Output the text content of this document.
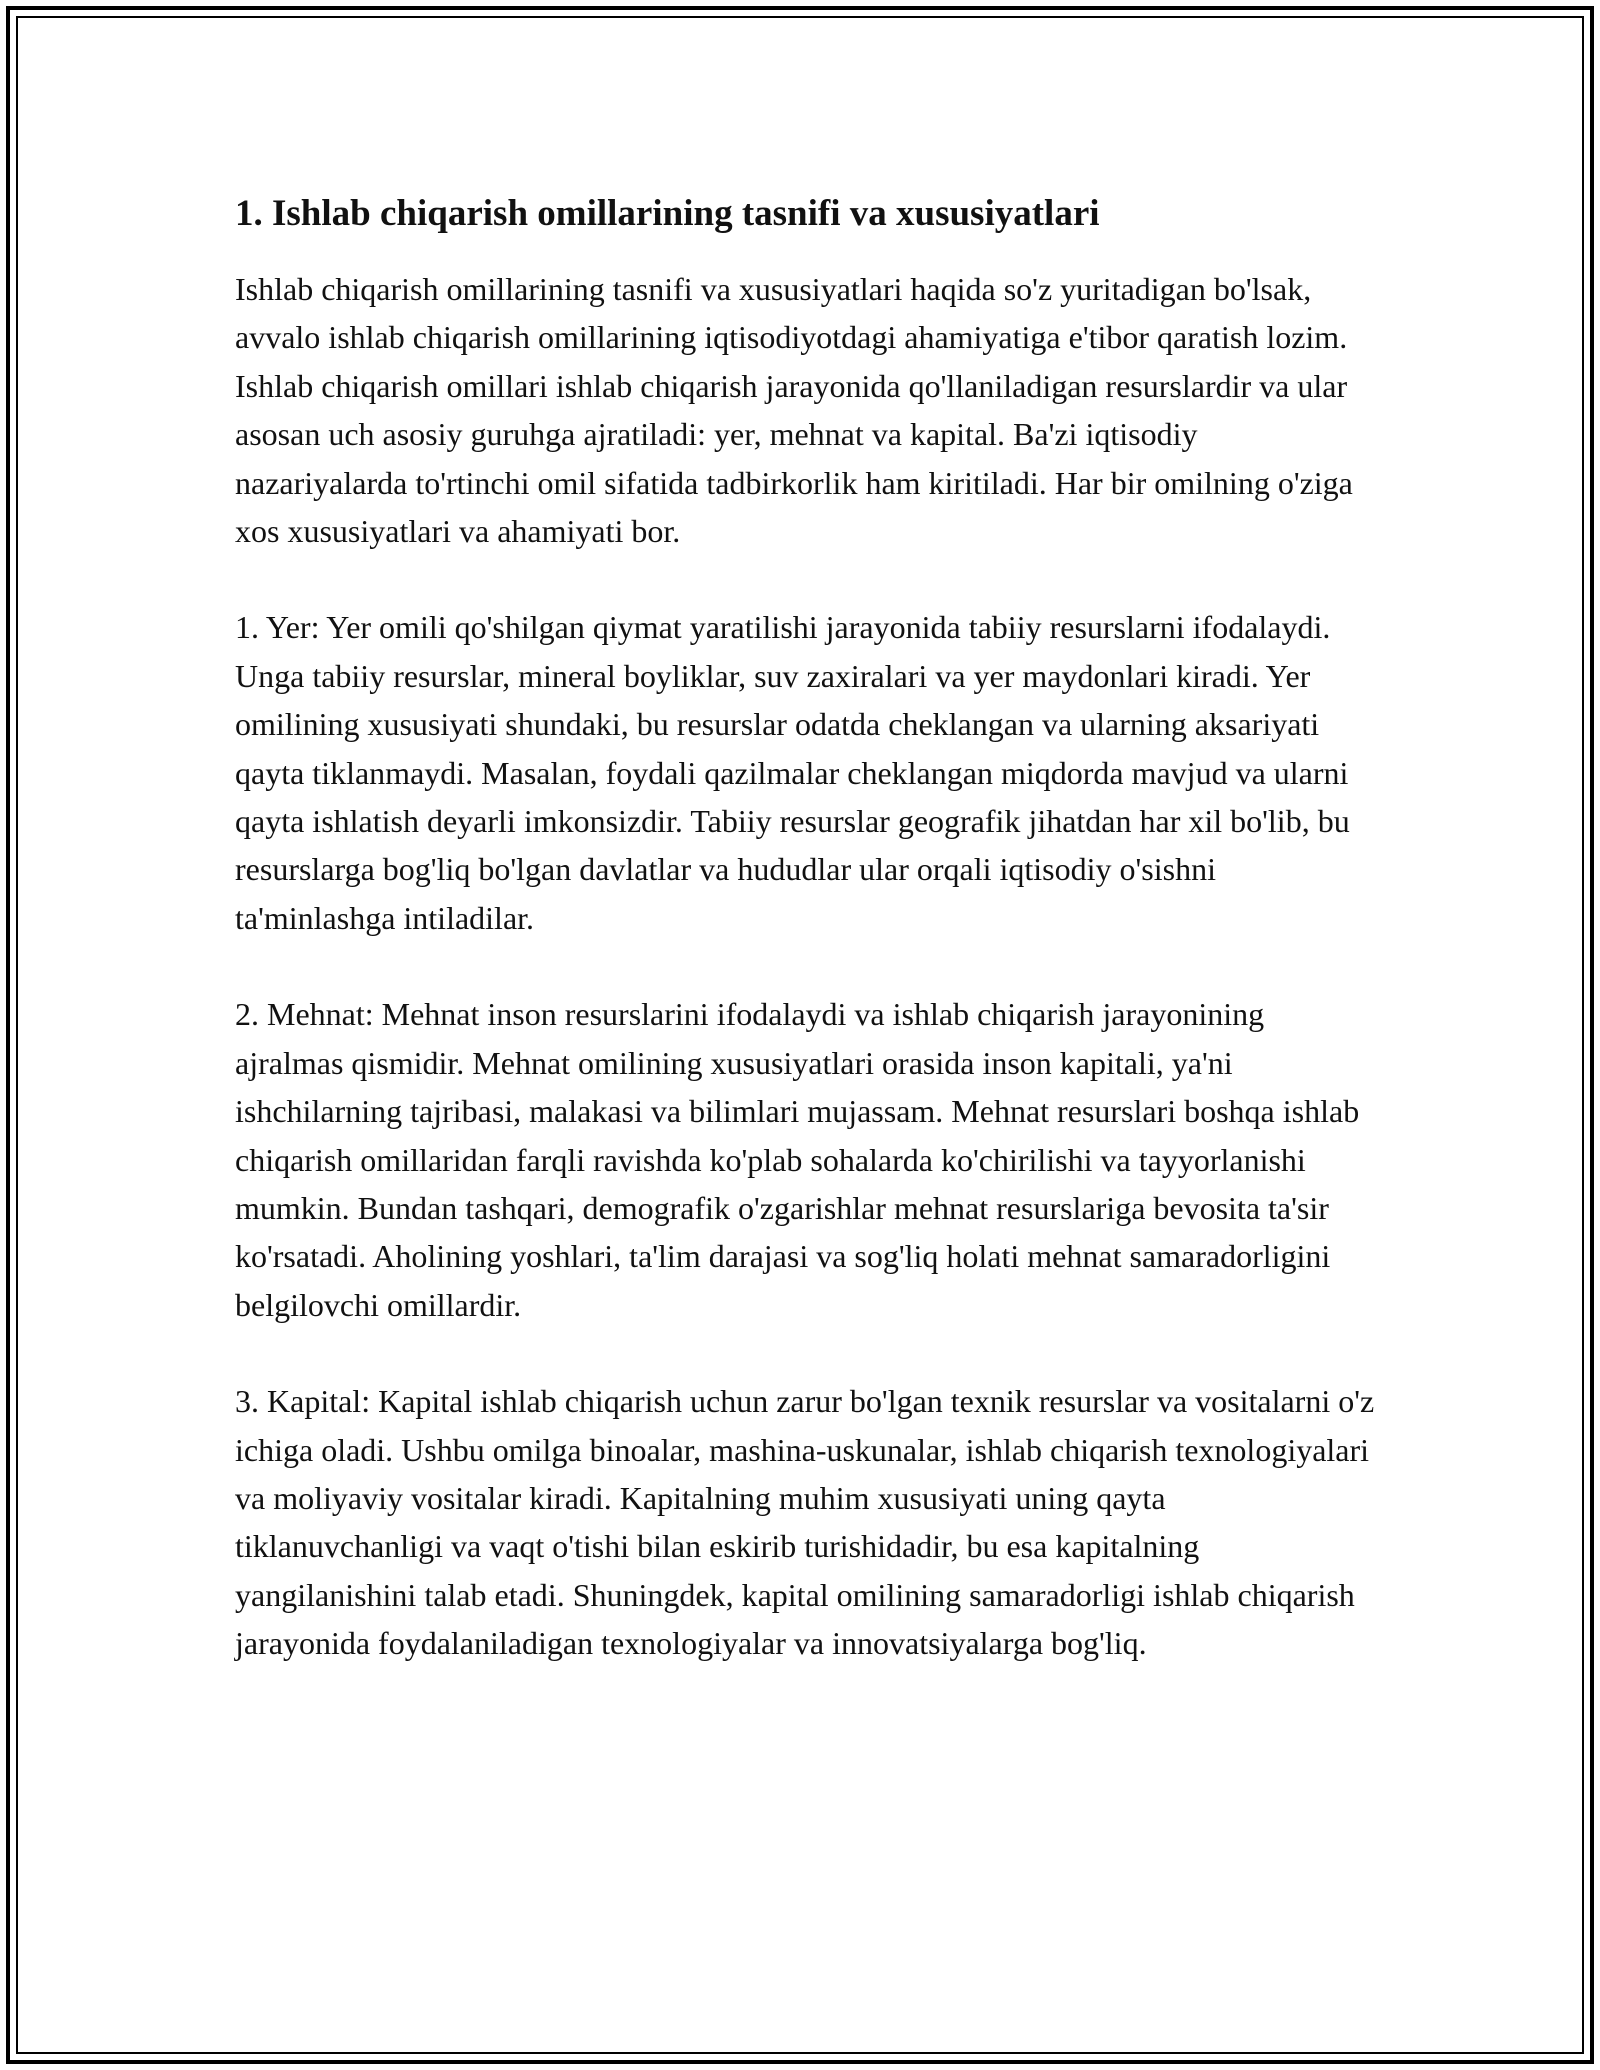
1. Ishlab chiqarish omillarining tasnifi va xususiyatlari

Ishlab chiqarish omillarining tasnifi va xususiyatlari haqida so'z yuritadigan bo'lsak, avvalo ishlab chiqarish omillarining iqtisodiyotdagi ahamiyatiga e'tibor qaratish lozim. Ishlab chiqarish omillari ishlab chiqarish jarayonida qo'llaniladigan resurslardir va ular asosan uch asosiy guruhga ajratiladi: yer, mehnat va kapital. Ba'zi iqtisodiy nazariyalarda to'rtinchi omil sifatida tadbirkorlik ham kiritiladi. Har bir omilning o'ziga xos xususiyatlari va ahamiyati bor.

1. Yer: Yer omili qo'shilgan qiymat yaratilishi jarayonida tabiiy resurslarni ifodalaydi. Unga tabiiy resurslar, mineral boyliklar, suv zaxiralari va yer maydonlari kiradi. Yer omilining xususiyati shundaki, bu resurslar odatda cheklangan va ularning aksariyati qayta tiklanmaydi. Masalan, foydali qazilmalar cheklangan miqdorda mavjud va ularni qayta ishlatish deyarli imkonsizdir. Tabiiy resurslar geografik jihatdan har xil bo'lib, bu resurslarga bog'liq bo'lgan davlatlar va hududlar ular orqali iqtisodiy o'sishni ta'minlashga intiladilar.

2. Mehnat: Mehnat inson resurslarini ifodalaydi va ishlab chiqarish jarayonining ajralmas qismidir. Mehnat omilining xususiyatlari orasida inson kapitali, ya'ni ishchilarning tajribasi, malakasi va bilimlari mujassam. Mehnat resurslari boshqa ishlab chiqarish omillaridan farqli ravishda ko'plab sohalarda ko'chirilishi va tayyorlanishi mumkin. Bundan tashqari, demografik o'zgarishlar mehnat resurslariga bevosita ta'sir ko'rsatadi. Aholining yoshlari, ta'lim darajasi va sog'liq holati mehnat samaradorligini belgilovchi omillardir.

3. Kapital: Kapital ishlab chiqarish uchun zarur bo'lgan texnik resurslar va vositalarni o'z ichiga oladi. Ushbu omilga binoalar, mashina-uskunalar, ishlab chiqarish texnologiyalari va moliyaviy vositalar kiradi. Kapitalning muhim xususiyati uning qayta tiklanuvchanligi va vaqt o'tishi bilan eskirib turishidadir, bu esa kapitalning yangilanishini talab etadi. Shuningdek, kapital omilining samaradorligi ishlab chiqarish jarayonida foydalaniladigan texnologiyalar va innovatsiyalarga bog'liq.
